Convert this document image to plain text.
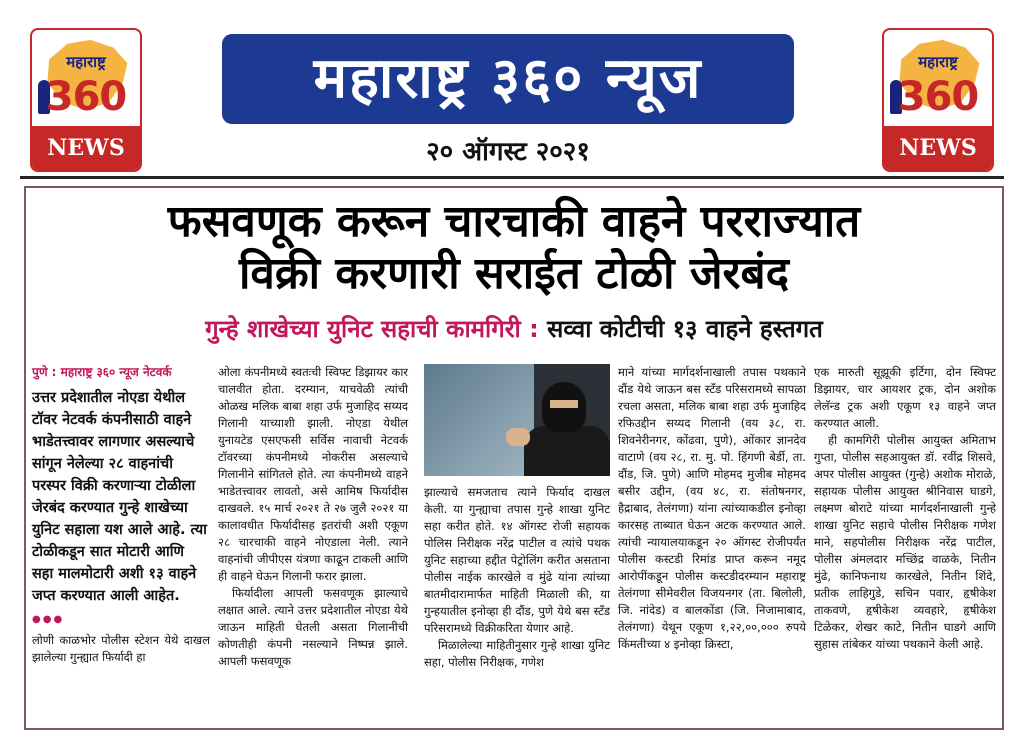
महाराष्ट्र
360
NEWS
महाराष्ट्र ३६० न्यूज
२० ऑगस्ट २०२१
महाराष्ट्र
360
NEWS
फसवणूक करून चारचाकी वाहने परराज्यात
विक्री करणारी सराईत टोळी जेरबंद
गुन्हे शाखेच्या युनिट सहाची कामगिरी : सव्वा कोटीची १३ वाहने हस्तगत

पुणे : महाराष्ट्र ३६० न्यूज नेटवर्क

उत्तर प्रदेशातील नोएडा येथील टॉवर नेटवर्क कंपनीसाठी वाहने भाडेतत्त्वावर लागणार असल्याचे सांगून नेलेल्या २८ वाहनांची परस्पर विक्री करणाऱ्या टोळीला जेरबंद करण्यात गुन्हे शाखेच्या युनिट सहाला यश आले आहे. त्या टोळीकडून सात मोटारी आणि सहा मालमोटारी अशी १३ वाहने जप्त करण्यात आली आहेत.

●●●

लोणी काळभोर पोलीस स्टेशन येथे दाखल झालेल्या गुन्ह्यात फिर्यादी हा

ओला कंपनीमध्ये स्वतःची स्विफ्ट डिझायर कार चालवीत होता. दरम्यान, याचवेळी त्यांची ओळख मलिक बाबा शहा उर्फ मुजाहिद सय्यद गिलानी याच्याशी झाली. नोएडा येथील युनायटेड एसएफसी सर्विस नावाची नेटवर्क टॉवरच्या कंपनीमध्ये नोकरीस असल्याचे गिलानीने सांगितले होते. त्या कंपनीमध्ये वाहने भाडेतत्त्वावर लावतो, असे आमिष फिर्यादीस दाखवले. १५ मार्च २०२१ ते २७ जुलै २०२१ या कालावधीत फिर्यादीसह इतरांची अशी एकूण २८ चारचाकी वाहने नोएडाला नेली. त्याने वाहनांची जीपीएस यंत्रणा काढून टाकली आणि ही वाहने घेऊन गिलानी फरार झाला.

फिर्यादीला आपली फसवणूक झाल्याचे लक्षात आले. त्याने उत्तर प्रदेशातील नोएडा येथे जाऊन माहिती घेतली असता गिलानीची कोणतीही कंपनी नसल्याने निष्पन्न झाले. आपली फसवणूक

झाल्याचे समजताच त्याने फिर्याद दाखल केली. या गुन्ह्याचा तपास गुन्हे शाखा युनिट सहा करीत होते. १४ ऑगस्ट रोजी सहायक पोलिस निरीक्षक नरेंद्र पाटील व त्यांचे पथक युनिट सहाच्या हद्दीत पेट्रोलिंग करीत असताना पोलीस नाईक कारखेले व मुंढे यांना त्यांच्या बातमीदारामार्फत माहिती मिळाली की, या गुन्हयातील इनोव्हा ही दौंड, पुणे येथे बस स्टँड परिसरामध्ये विक्रीकरिता येणार आहे.

मिळालेल्या माहितीनुसार गुन्हे शाखा युनिट सहा, पोलीस निरीक्षक, गणेश

माने यांच्या मार्गदर्शनाखाली तपास पथकाने दौंड येथे जाऊन बस स्टँड परिसरामध्ये सापळा रचला असता, मलिक बाबा शहा उर्फ मुजाहिद रफिउद्दीन सय्यद गिलानी (वय ३८, रा. शिवनेरीनगर, कोंढवा, पुणे), ओंकार ज्ञानदेव वाटाणे (वय २८, रा. मु. पो. हिंगणी बेर्डी, ता. दौंड, जि. पुणे) आणि मोहमद मुजीब मोहमद बसीर उद्दीन, (वय ४८, रा. संतोषनगर, हैद्राबाद, तेलंगणा) यांना त्यांच्याकडील इनोव्हा कारसह ताब्यात घेऊन अटक करण्यात आले. त्यांची न्यायालयाकडून २० ऑगस्ट रोजीपर्यंत पोलीस कस्टडी रिमांड प्राप्त करून नमूद आरोपींकडून पोलीस कस्टडीदरम्यान महाराष्ट्र तेलंगणा सीमेवरील विजयनगर (ता. बिलोली, जि. नांदेड) व बालकोंडा (जि. निजामाबाद, तेलंगणा) येथून एकूण १,२२,००,००० रुपये किंमतीच्या ४ इनोव्हा क्रिस्टा,

एक मारुती सूझूकी इर्टिगा, दोन स्विफ्ट डिझायर, चार आयशर ट्रक, दोन अशोक लेलॅन्ड ट्रक अशी एकूण १३ वाहने जप्त करण्यात आली.

ही कामगिरी पोलीस आयुक्त अमिताभ गुप्ता, पोलीस सहआयुक्त डॉ. रवींद्र शिसवे, अपर पोलीस आयुक्त (गुन्हे) अशोक मोराळे, सहायक पोलीस आयुक्त श्रीनिवास घाडगे, लक्ष्मण बोराटे यांच्या मार्गदर्शनाखाली गुन्हे शाखा युनिट सहाचे पोलीस निरीक्षक गणेश माने, सहपोलीस निरीक्षक नरेंद्र पाटील, पोलीस अंमलदार मच्छिंद्र वाळके, नितीन मुंढे, कानिफनाथ कारखेले, नितीन शिंदे, प्रतीक लाहिगुडे, सचिन पवार, हृषीकेश ताकवणे, हृषीकेश व्यवहारे, हृषीकेश टिळेकर, शेखर काटे, नितीन घाडगे आणि सुहास तांबेकर यांच्या पथकाने केली आहे.
